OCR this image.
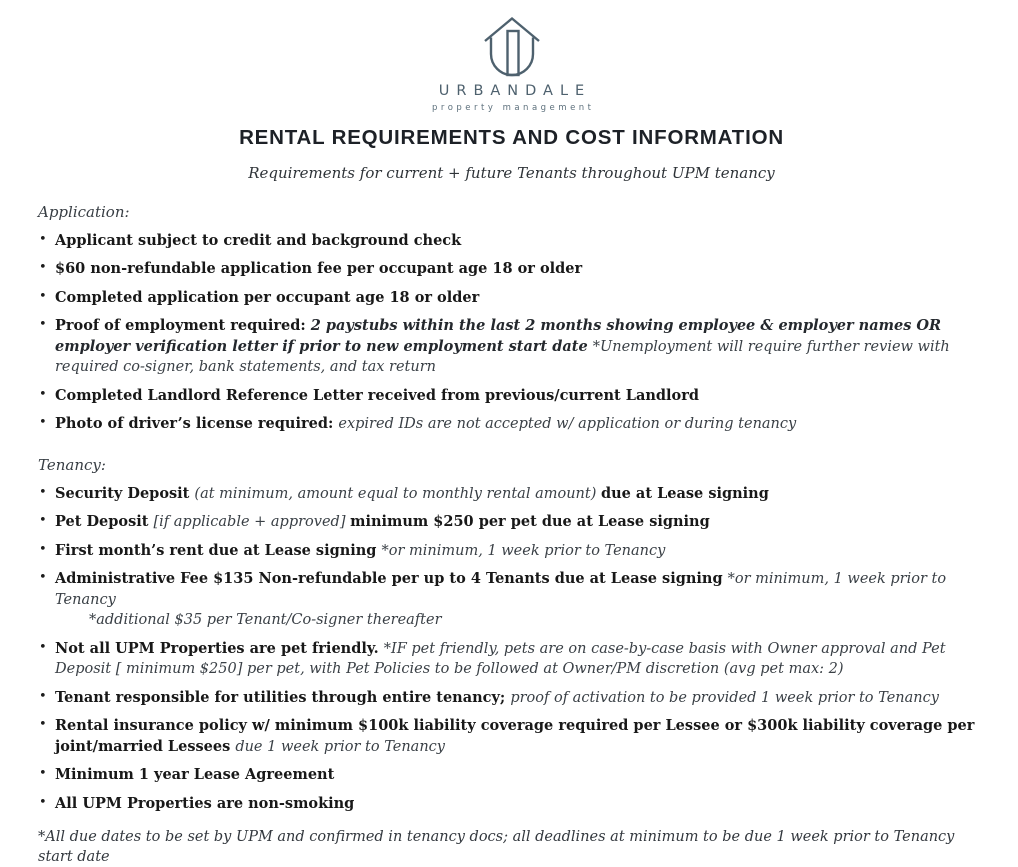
URBANDALE
property management
RENTAL REQUIREMENTS AND COST INFORMATION
Requirements for current + future Tenants throughout UPM tenancy
Application:
• Applicant subject to credit and background check
• $60 non-refundable application fee per occupant age 18 or older
• Completed application per occupant age 18 or older
• Proof of employment required: 2 paystubs within the last 2 months showing employee & employer names OR employer verification letter if prior to new employment start date *Unemployment will require further review with required co-signer, bank statements, and tax return
• Completed Landlord Reference Letter received from previous/current Landlord
• Photo of driver’s license required: expired IDs are not accepted w/ application or during tenancy
Tenancy:
• Security Deposit (at minimum, amount equal to monthly rental amount) due at Lease signing
• Pet Deposit [if applicable + approved] minimum $250 per pet due at Lease signing
• First month’s rent due at Lease signing *or minimum, 1 week prior to Tenancy
• Administrative Fee $135 Non-refundable per up to 4 Tenants due at Lease signing *or minimum, 1 week prior to Tenancy
*additional $35 per Tenant/Co-signer thereafter
• Not all UPM Properties are pet friendly. *IF pet friendly, pets are on case-by-case basis with Owner approval and Pet Deposit [ minimum $250] per pet, with Pet Policies to be followed at Owner/PM discretion (avg pet max: 2)
• Tenant responsible for utilities through entire tenancy; proof of activation to be provided 1 week prior to Tenancy
• Rental insurance policy w/ minimum $100k liability coverage required per Lessee or $300k liability coverage per joint/married Lessees due 1 week prior to Tenancy
• Minimum 1 year Lease Agreement
• All UPM Properties are non-smoking
*All due dates to be set by UPM and confirmed in tenancy docs; all deadlines at minimum to be due 1 week prior to Tenancy start date
